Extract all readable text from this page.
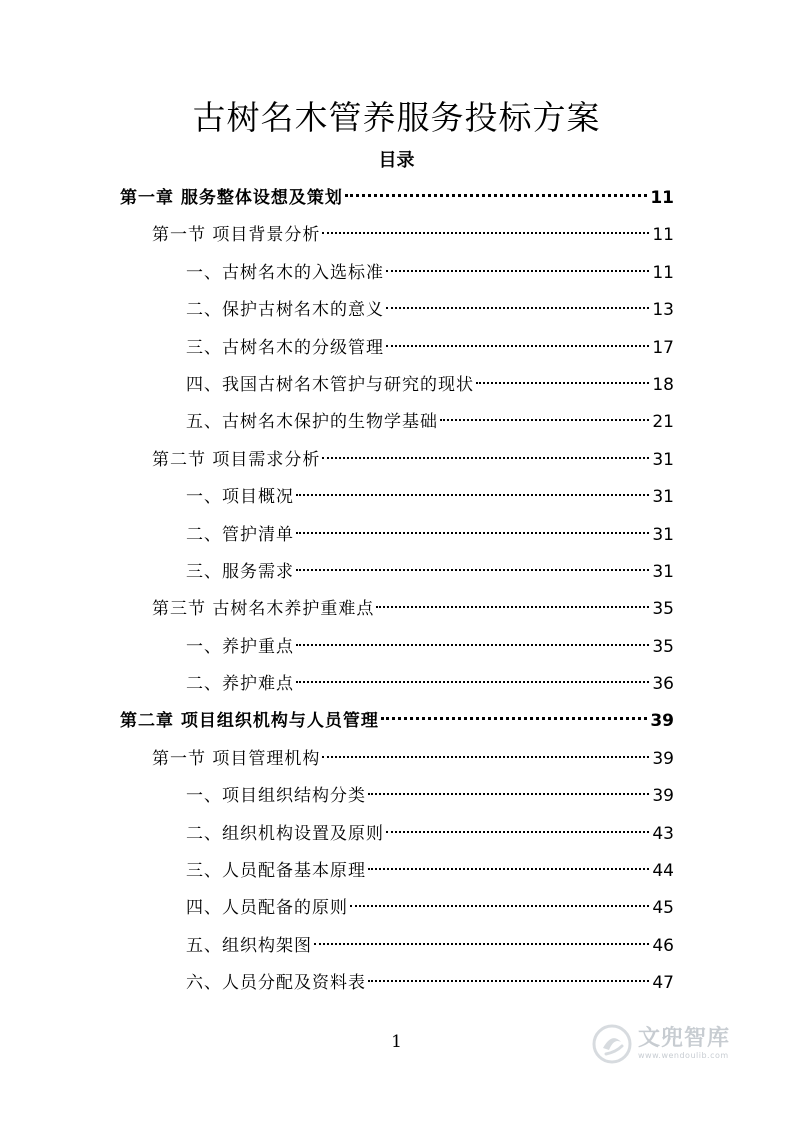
古树名木管养服务投标方案
目录
第一章 服务整体设想及策划	11
第一节 项目背景分析	11
一、古树名木的入选标准	11
二、保护古树名木的意义	13
三、古树名木的分级管理	17
四、我国古树名木管护与研究的现状	18
五、古树名木保护的生物学基础	21
第二节 项目需求分析	31
一、项目概况	31
二、管护清单	31
三、服务需求	31
第三节 古树名木养护重难点	35
一、养护重点	35
二、养护难点	36
第二章 项目组织机构与人员管理	39
第一节 项目管理机构	39
一、项目组织结构分类	39
二、组织机构设置及原则	43
三、人员配备基本原理	44
四、人员配备的原则	45
五、组织构架图	46
六、人员分配及资料表	47
1	文兜智库
www.wendoulib.com
